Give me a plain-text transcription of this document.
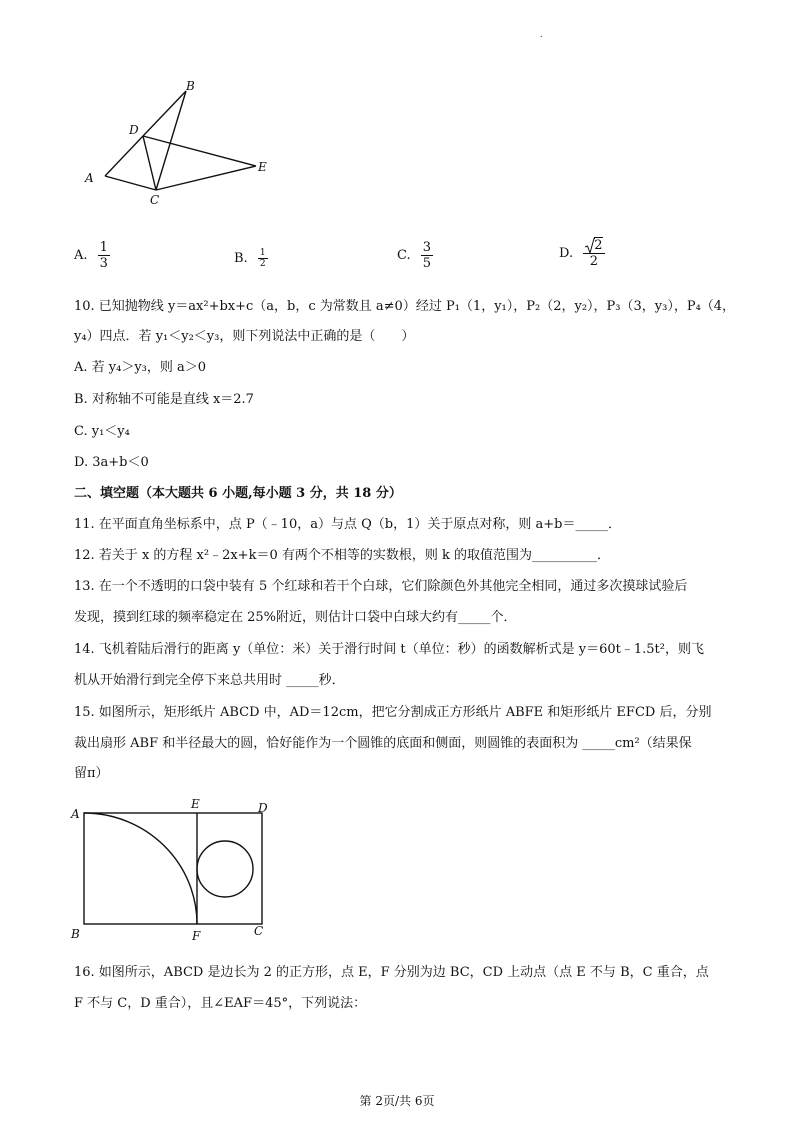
.
B
D
E
A
C
A. $\frac{1}{3}$	B. $\frac{1}{2}$	C. $\frac{3}{5}$	D. $\frac{2}{2}$
10. 已知抛物线 y＝ax²+bx+c（a，b，c 为常数且 a≠0）经过 P₁（1，y₁），P₂（2，y₂），P₃（3，y₃），P₄（4，
y₄）四点．若 y₁＜y₂＜y₃，则下列说法中正确的是（　　）
A. 若 y₄＞y₃，则 a＞0
B. 对称轴不可能是直线 x＝2.7
C. y₁＜y₄
D. 3a+b＜0
二、填空题（本大题共 6 小题,每小题 3 分，共 18 分）
11. 在平面直角坐标系中，点 P（﹣10，a）与点 Q（b，1）关于原点对称，则 a+b＝_____．
12. 若关于 x 的方程 x²﹣2x+k＝0 有两个不相等的实数根，则 k 的取值范围为__________．
13. 在一个不透明的口袋中装有 5 个红球和若干个白球，它们除颜色外其他完全相同，通过多次摸球试验后
发现，摸到红球的频率稳定在 25%附近，则估计口袋中白球大约有_____个．
14. 飞机着陆后滑行的距离 y（单位：米）关于滑行时间 t（单位：秒）的函数解析式是 y＝60t﹣1.5t²，则飞
机从开始滑行到完全停下来总共用时 _____秒．
15. 如图所示，矩形纸片 ABCD 中，AD＝12cm，把它分割成正方形纸片 ABFE 和矩形纸片 EFCD 后，分别
裁出扇形 ABF 和半径最大的圆，恰好能作为一个圆锥的底面和侧面，则圆锥的表面积为 _____cm²（结果保
留π）
A
E	D
B	F	C
16. 如图所示，ABCD 是边长为 2 的正方形，点 E，F 分别为边 BC，CD 上动点（点 E 不与 B，C 重合，点
F 不与 C，D 重合），且∠EAF＝45°，下列说法：
第 2页/共 6页
